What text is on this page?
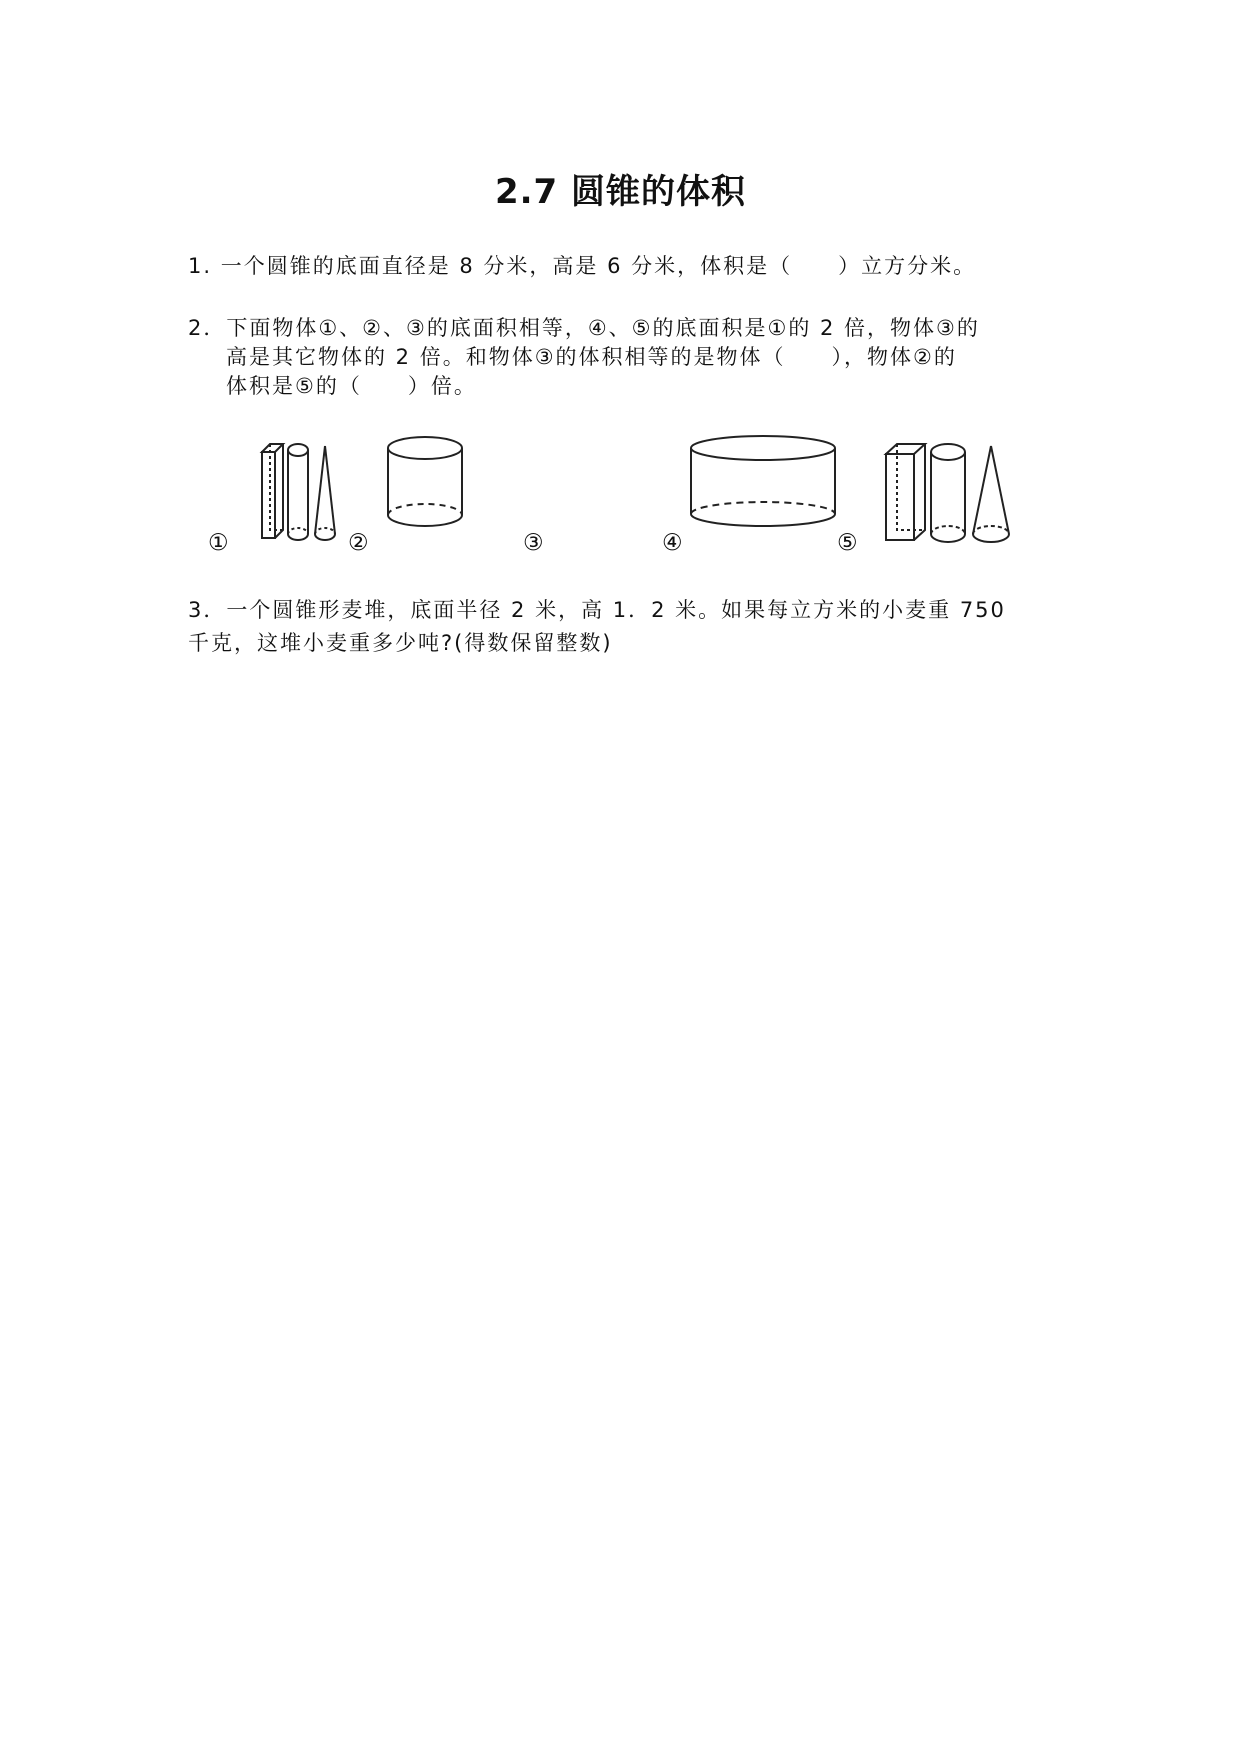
2.7 圆锥的体积
1. 一个圆锥的底面直径是 8 分米，高是 6 分米，体积是（　　）立方分米。
2．下面物体①、②、③的底面积相等，④、⑤的底面积是①的 2 倍，物体③的
高是其它物体的 2 倍。和物体③的体积相等的是物体（　　），物体②的
体积是⑤的（　　）倍。
①	②	③	④	⑤
3．一个圆锥形麦堆，底面半径 2 米，高 1．2 米。如果每立方米的小麦重 750
千克，这堆小麦重多少吨?(得数保留整数)
